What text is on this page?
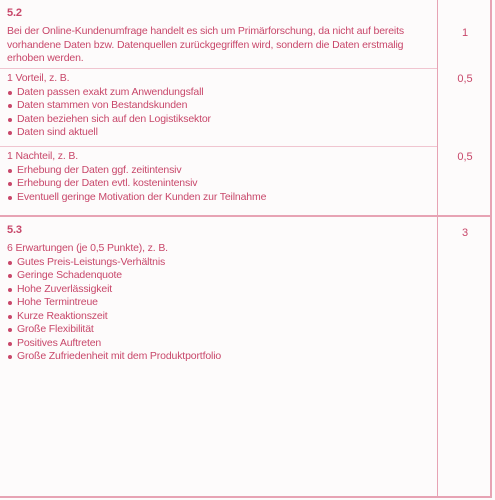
5.2

Bei der Online-Kundenumfrage handelt es sich um Primärforschung, da nicht auf bereits vorhandene Daten bzw. Datenquellen zurückgegriffen wird, sondern die Daten erstmalig erhoben werden.

1

1 Vorteil, z. B.

Daten passen exakt zum Anwendungsfall
Daten stammen von Bestandskunden
Daten beziehen sich auf den Logistiksektor
Daten sind aktuell
0,5

1 Nachteil, z. B.

Erhebung der Daten ggf. zeitintensiv
Erhebung der Daten evtl. kostenintensiv
Eventuell geringe Motivation der Kunden zur Teilnahme
0,5
5.3

6 Erwartungen (je 0,5 Punkte), z. B.

Gutes Preis-Leistungs-Verhältnis
Geringe Schadenquote
Hohe Zuverlässigkeit
Hohe Termintreue
Kurze Reaktionszeit
Große Flexibilität
Positives Auftreten
Große Zufriedenheit mit dem Produktportfolio
3
